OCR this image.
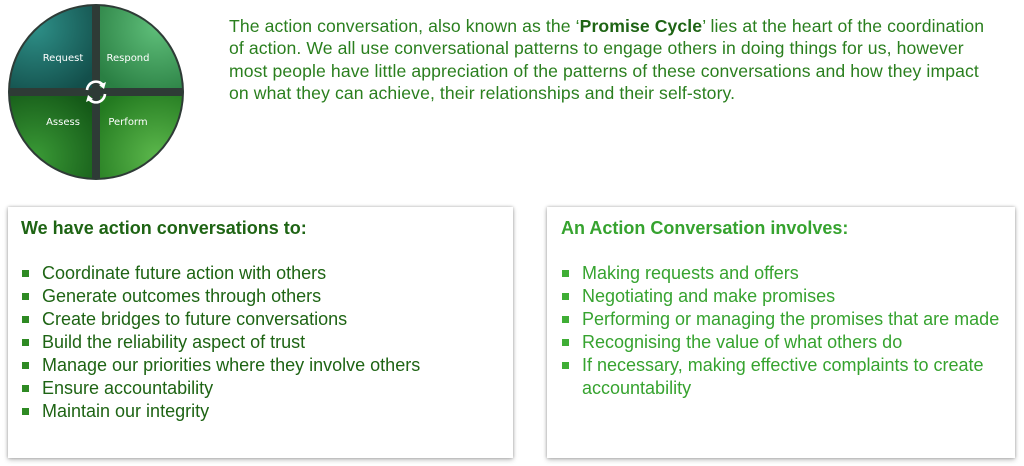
Request Respond
Assess	Perform
The action conversation, also known as the ‘Promise Cycle’ lies at the heart of the coordination of action. We all use conversational patterns to engage others in doing things for us, however most people have little appreciation of the patterns of these conversations and how they impact on what they can achieve, their relationships and their self-story.
We have action conversations to:
Coordinate future action with others
Generate outcomes through others
Create bridges to future conversations
Build the reliability aspect of trust
Manage our priorities where they involve others
Ensure accountability
Maintain our integrity
An Action Conversation involves:
Making requests and offers
Negotiating and make promises
Performing or managing the promises that are made
Recognising the value of what others do
If necessary, making effective complaints to create accountability
